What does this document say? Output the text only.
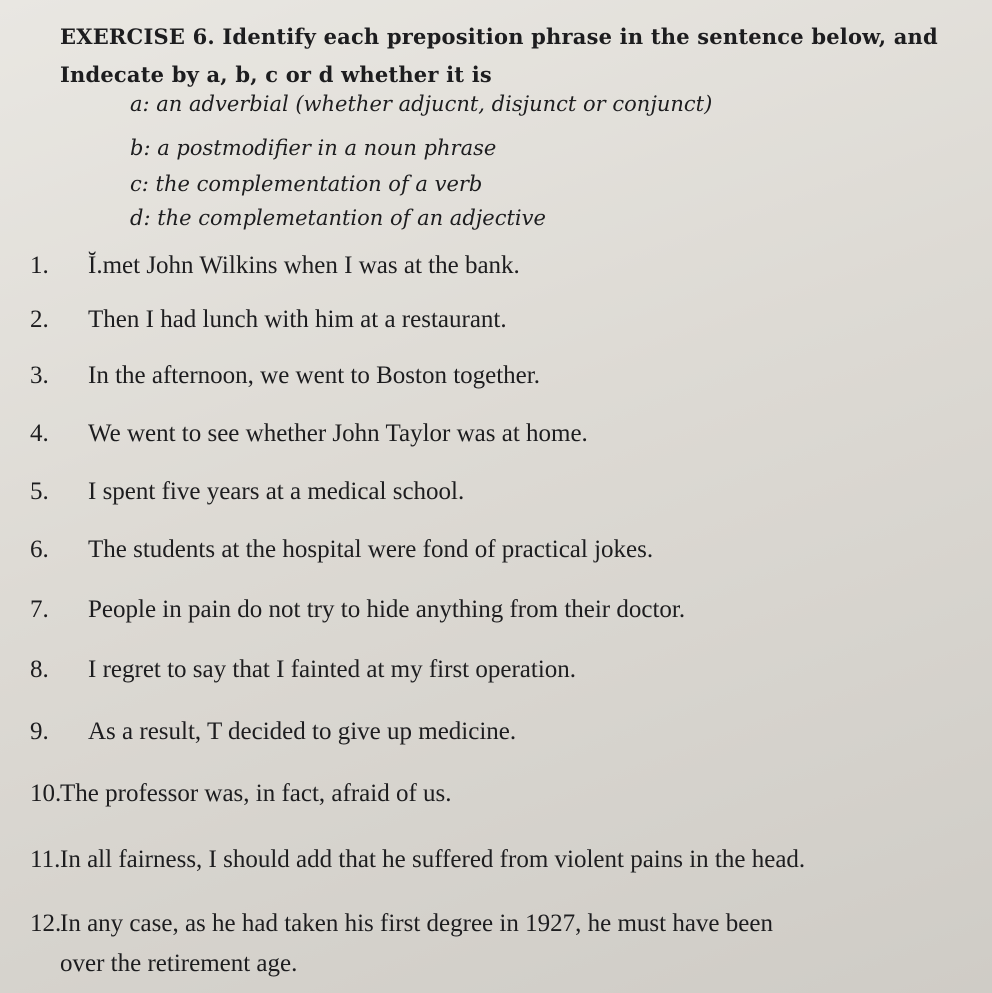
EXERCISE 6. Identify each preposition phrase in the sentence below, and
Indecate by a, b, c or d whether it is
a: an adverbial (whether adjucnt, disjunct or conjunct)
b: a postmodifier in a noun phrase
c: the complementation of a verb
d: the complemetantion of an adjective
1. Ĭ.met John Wilkins when I was at the bank.
2. Then I had lunch with him at a restaurant.
3. In the afternoon, we went to Boston together.
4. We went to see whether John Taylor was at home.
5. I spent five years at a medical school.
6. The students at the hospital were fond of practical jokes.
7. People in pain do not try to hide anything from their doctor.
8. I regret to say that I fainted at my first operation.
9. As a result, T decided to give up medicine.
10.The professor was, in fact, afraid of us.
11.In all fairness, I should add that he suffered from violent pains in the head.
12.In any case, as he had taken his first degree in 1927, he must have been
over the retirement age.
